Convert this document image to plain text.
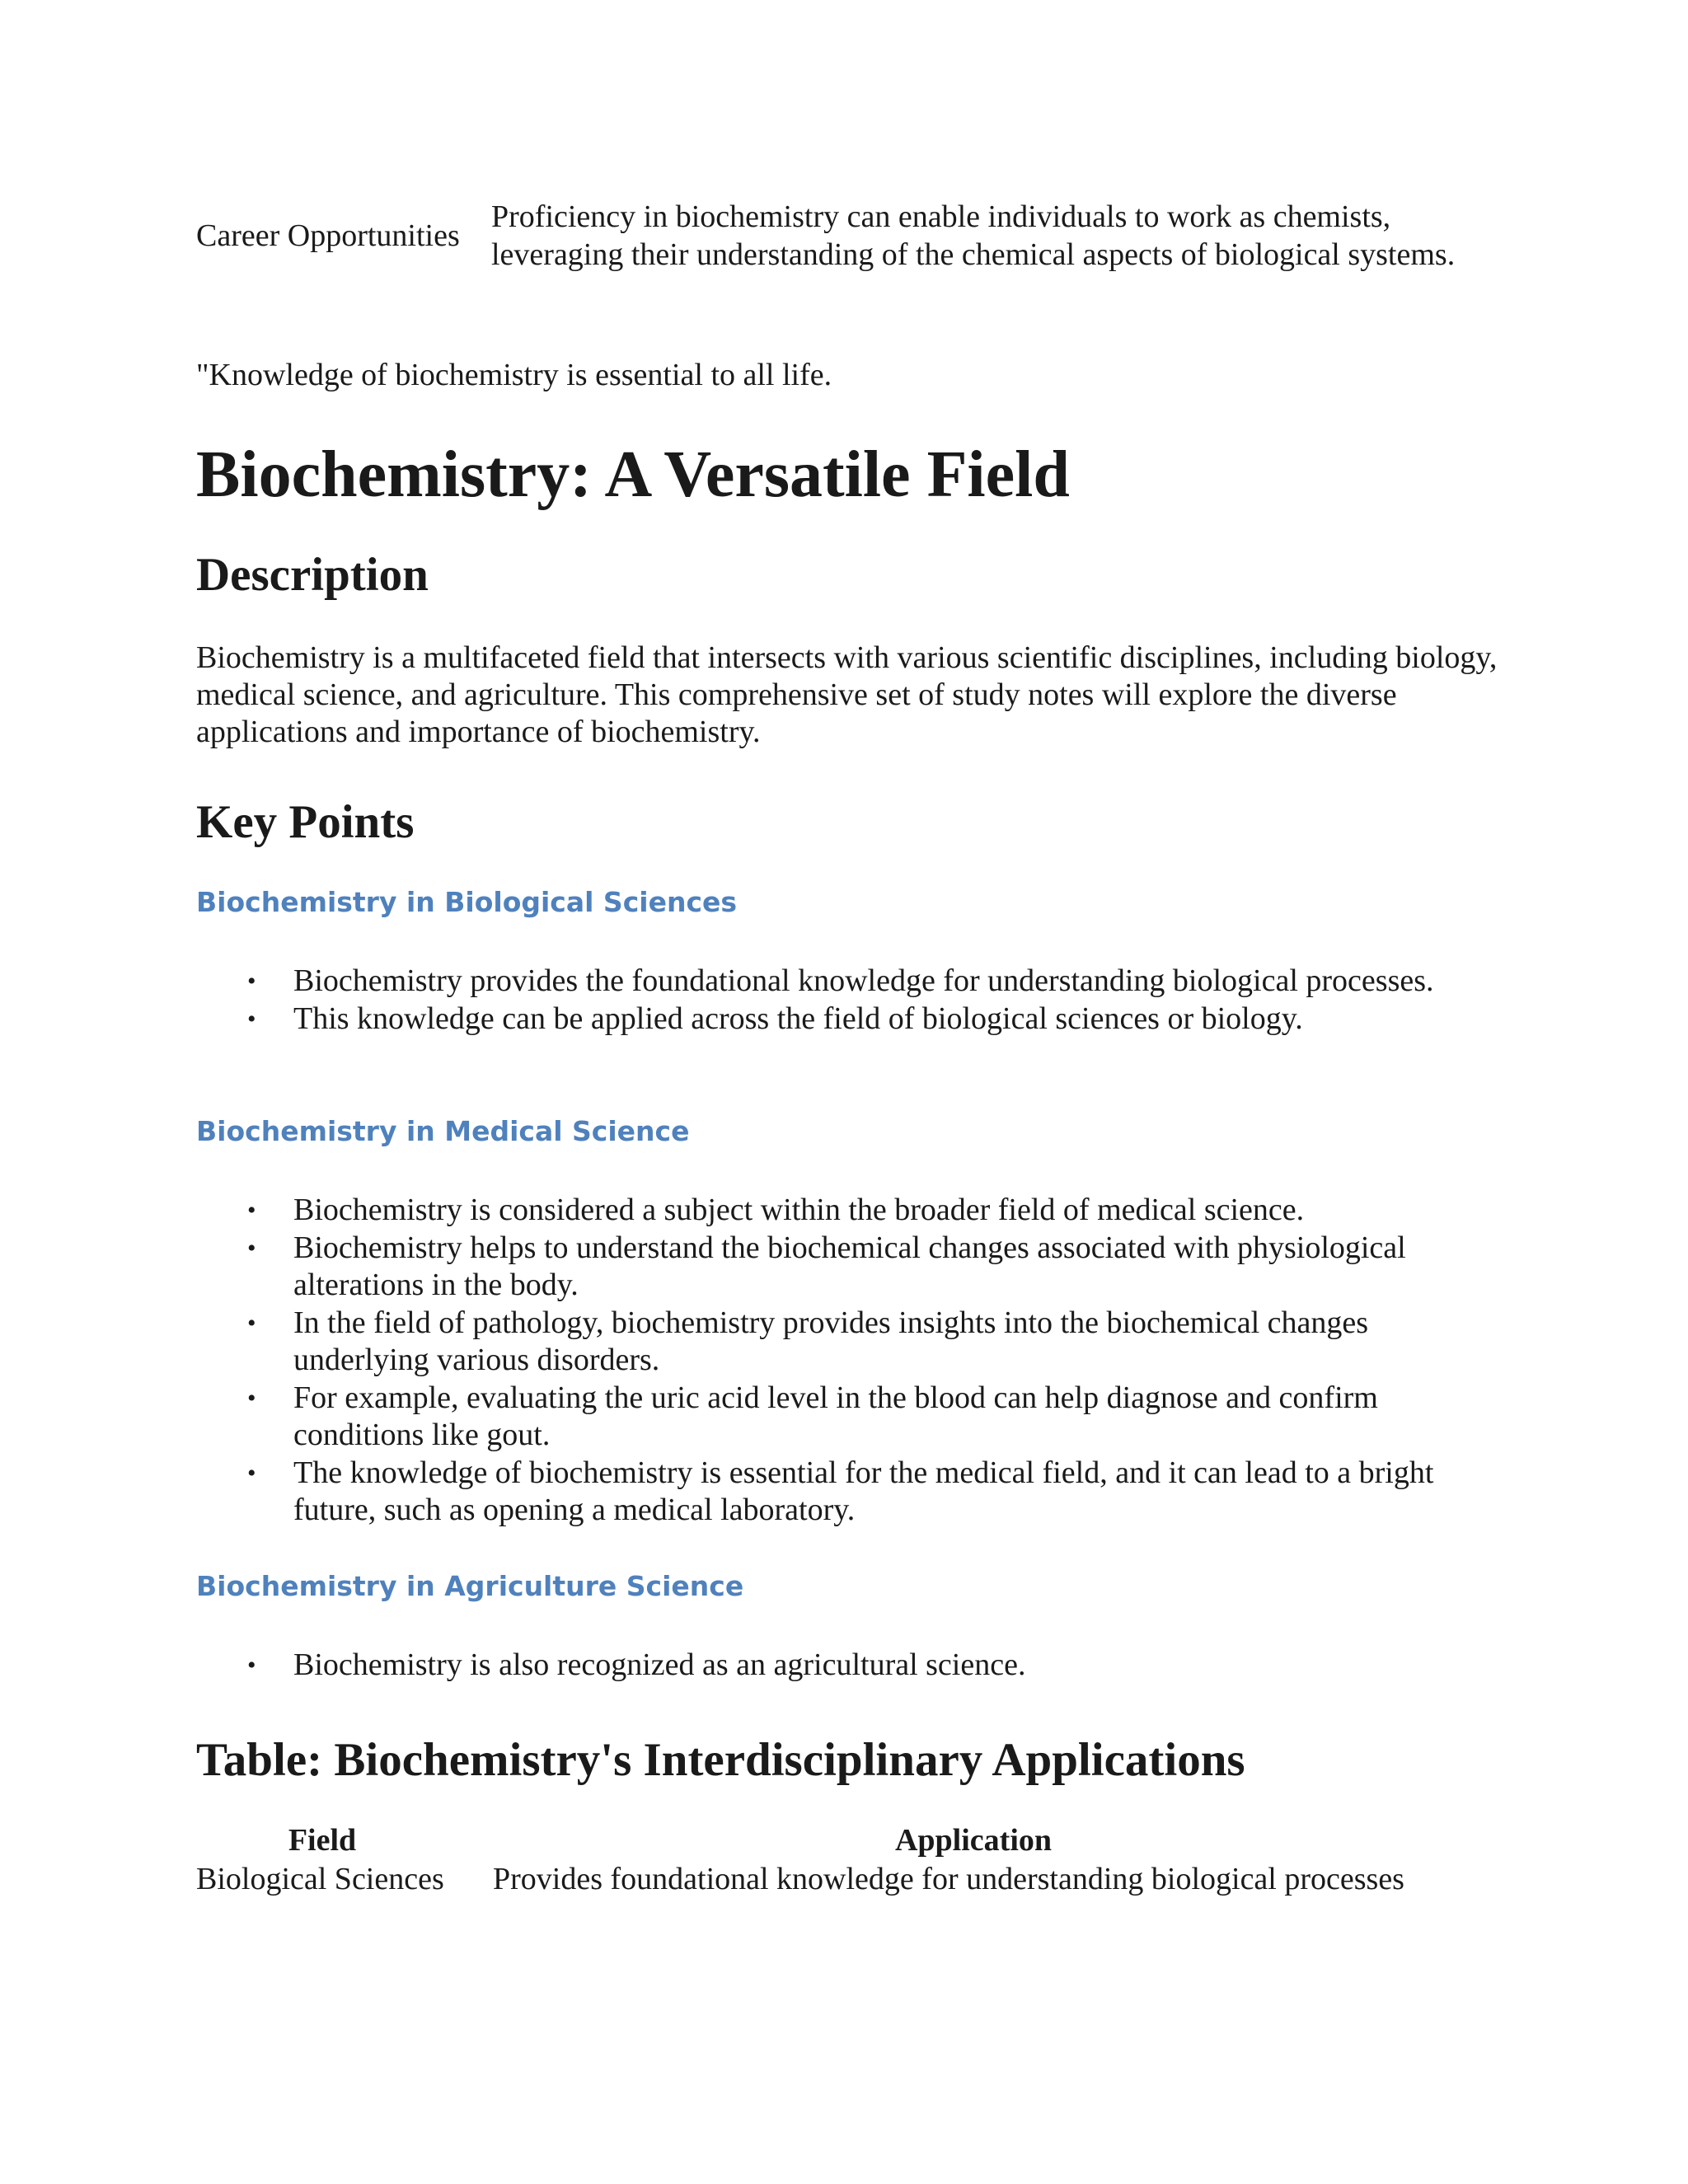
Career Opportunities	Proficiency in biochemistry can enable individuals to work as chemists, leveraging their understanding of the chemical aspects of biological systems.

"Knowledge of biochemistry is essential to all life.

Biochemistry: A Versatile Field
Description

Biochemistry is a multifaceted field that intersects with various scientific disciplines, including biology, medical science, and agriculture. This comprehensive set of study notes will explore the diverse applications and importance of biochemistry.

Key Points
Biochemistry in Biological Sciences
• Biochemistry provides the foundational knowledge for understanding biological processes.
• This knowledge can be applied across the field of biological sciences or biology.
Biochemistry in Medical Science
• Biochemistry is considered a subject within the broader field of medical science.
• Biochemistry helps to understand the biochemical changes associated with physiological alterations in the body.
• In the field of pathology, biochemistry provides insights into the biochemical changes underlying various disorders.
• For example, evaluating the uric acid level in the blood can help diagnose and confirm conditions like gout.
• The knowledge of biochemistry is essential for the medical field, and it can lead to a bright future, such as opening a medical laboratory.
Biochemistry in Agriculture Science
• Biochemistry is also recognized as an agricultural science.
Table: Biochemistry's Interdisciplinary Applications
Field	Application
Biological Sciences	Provides foundational knowledge for understanding biological processes
